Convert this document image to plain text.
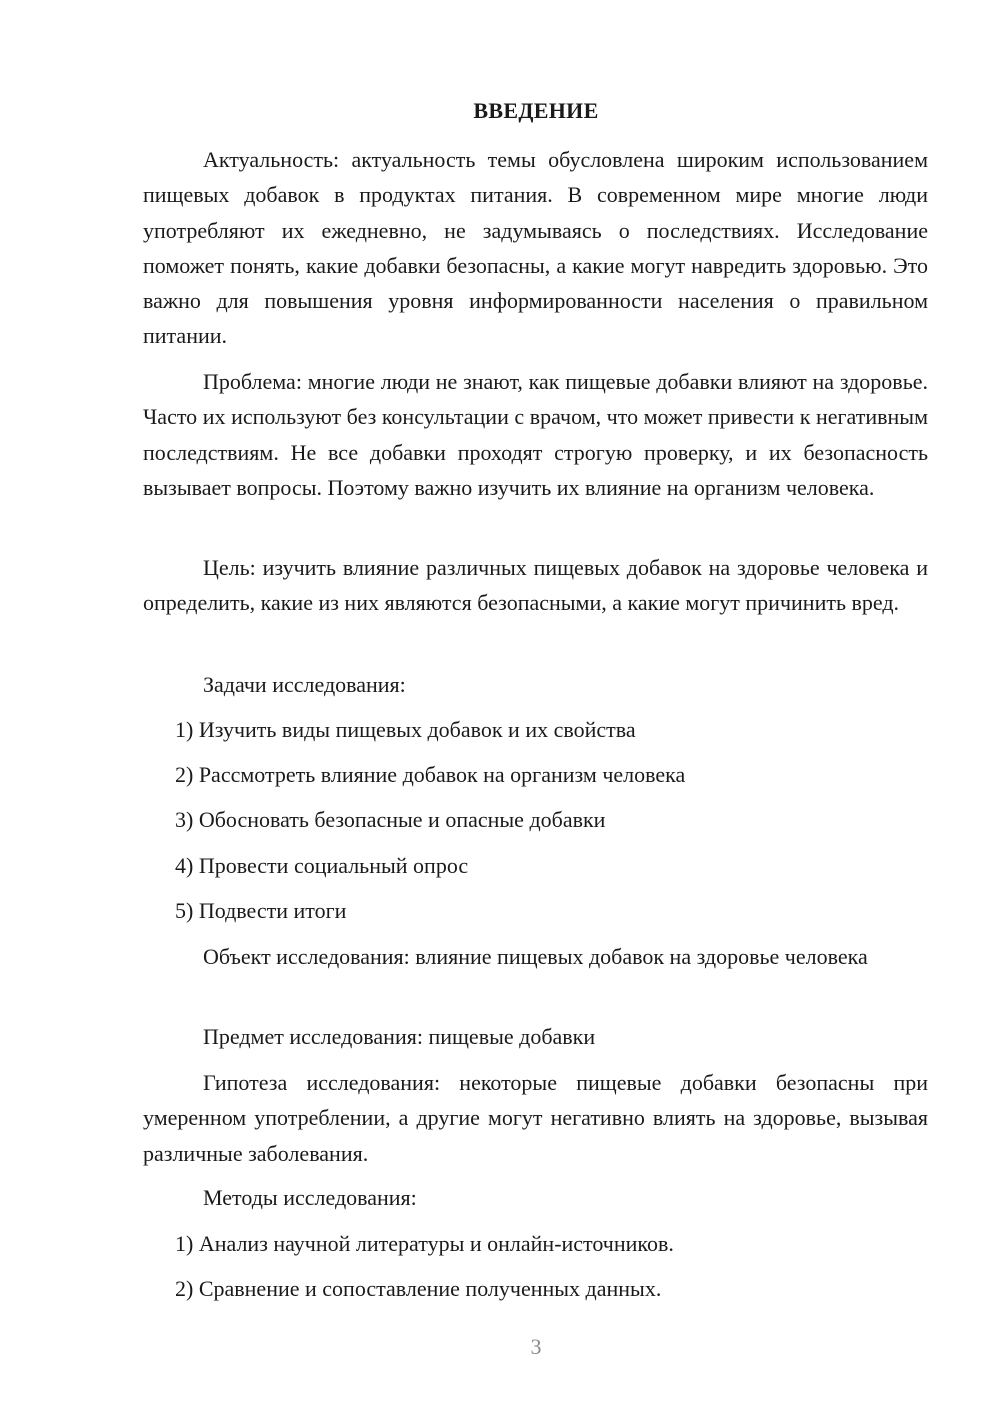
ВВЕДЕНИЕ

Актуальность: актуальность темы обусловлена широким использованием пищевых добавок в продуктах питания. В современном мире многие люди употребляют их ежедневно, не задумываясь о последствиях. Исследование поможет понять, какие добавки безопасны, а какие могут навредить здоровью. Это важно для повышения уровня информированности населения о правильном питании.

Проблема: многие люди не знают, как пищевые добавки влияют на здоровье. Часто их используют без консультации с врачом, что может привести к негативным последствиям. Не все добавки проходят строгую проверку, и их безопасность вызывает вопросы. Поэтому важно изучить их влияние на организм человека.

Цель: изучить влияние различных пищевых добавок на здоровье человека и определить, какие из них являются безопасными, а какие могут причинить вред.

Задачи исследования:

1) Изучить виды пищевых добавок и их свойства

2) Рассмотреть влияние добавок на организм человека

3) Обосновать безопасные и опасные добавки

4) Провести социальный опрос

5) Подвести итоги

Объект исследования: влияние пищевых добавок на здоровье человека

Предмет исследования: пищевые добавки

Гипотеза исследования: некоторые пищевые добавки безопасны при умеренном употреблении, а другие могут негативно влиять на здоровье, вызывая различные заболевания.

Методы исследования:

1) Анализ научной литературы и онлайн-источников.

2) Сравнение и сопоставление полученных данных.

3
